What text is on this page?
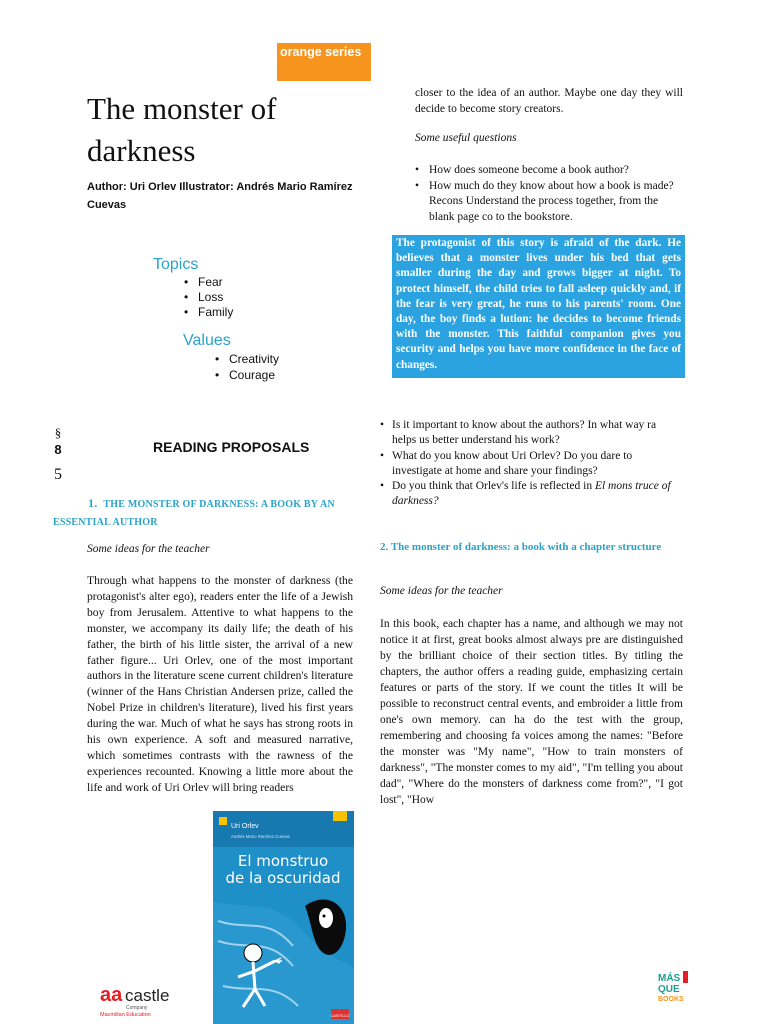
orange series
The monster of
darkness
Author: Uri Orlev Illustrator: Andrés Mario Ramírez Cuevas
Topics
• Fear
• Loss
• Family
Values
• Creativity
• Courage
§
8
5
READING PROPOSALS
1. THE MONSTER OF DARKNESS: A BOOK BY AN ESSENTIAL AUTHOR
Some ideas for the teacher
Through what happens to the monster of darkness (the protagonist's alter ego), readers enter the life of a Jewish boy from Jerusalem. Attentive to what happens to the monster, we accompany its daily life; the death of his father, the birth of his little sister, the arrival of a new father figure... Uri Orlev, one of the most important authors in the literature scene current children's literature (winner of the Hans Christian Andersen prize, called the Nobel Prize in children's literature), lived his first years during the war. Much of what he says has strong roots in his own experience. A soft and measured narrative, which sometimes contrasts with the rawness of the experiences recounted. Knowing a little more about the life and work of Uri Orlev will bring readers
Uri Orlev
Andrés Mario Ramírez Cuevas
El monstruo
de la oscuridad
CASTILLO
aa castle
Company
Macmillan Education
MÁS
QUE
BOOKS
closer to the idea of an author. Maybe one day they will decide to become story creators.
Some useful questions
• How does someone become a book author?
• How much do they know about how a book is made? Recons Understand the process together, from the blank page co to the bookstore.
The protagonist of this story is afraid of the dark. He believes that a monster lives under his bed that gets smaller during the day and grows bigger at night. To protect himself, the child tries to fall asleep quickly and, if the fear is very great, he runs to his parents' room. One day, the boy finds a lution: he decides to become friends with the monster. This faithful companion gives you security and helps you have more confidence in the face of changes.
• Is it important to know about the authors? In what way ra helps us better understand his work?
• What do you know about Uri Orlev? Do you dare to investigate at home and share your findings?
• Do you think that Orlev's life is reflected in El mons truce of darkness?
2. The monster of darkness: a book with a chapter structure
Some ideas for the teacher
In this book, each chapter has a name, and although we may not notice it at first, great books almost always pre are distinguished by the brilliant choice of their section titles. By titling the chapters, the author offers a reading guide, emphasizing certain features or parts of the story. If we count the titles It will be possible to reconstruct central events, and embroider a little from one's own memory. can ha do the test with the group, remembering and choosing fa voices among the names: "Before the monster was "My name", "How to train monsters of darkness", "The monster comes to my aid", "I'm telling you about dad", "Where do the monsters of darkness come from?", "I got lost", "How
